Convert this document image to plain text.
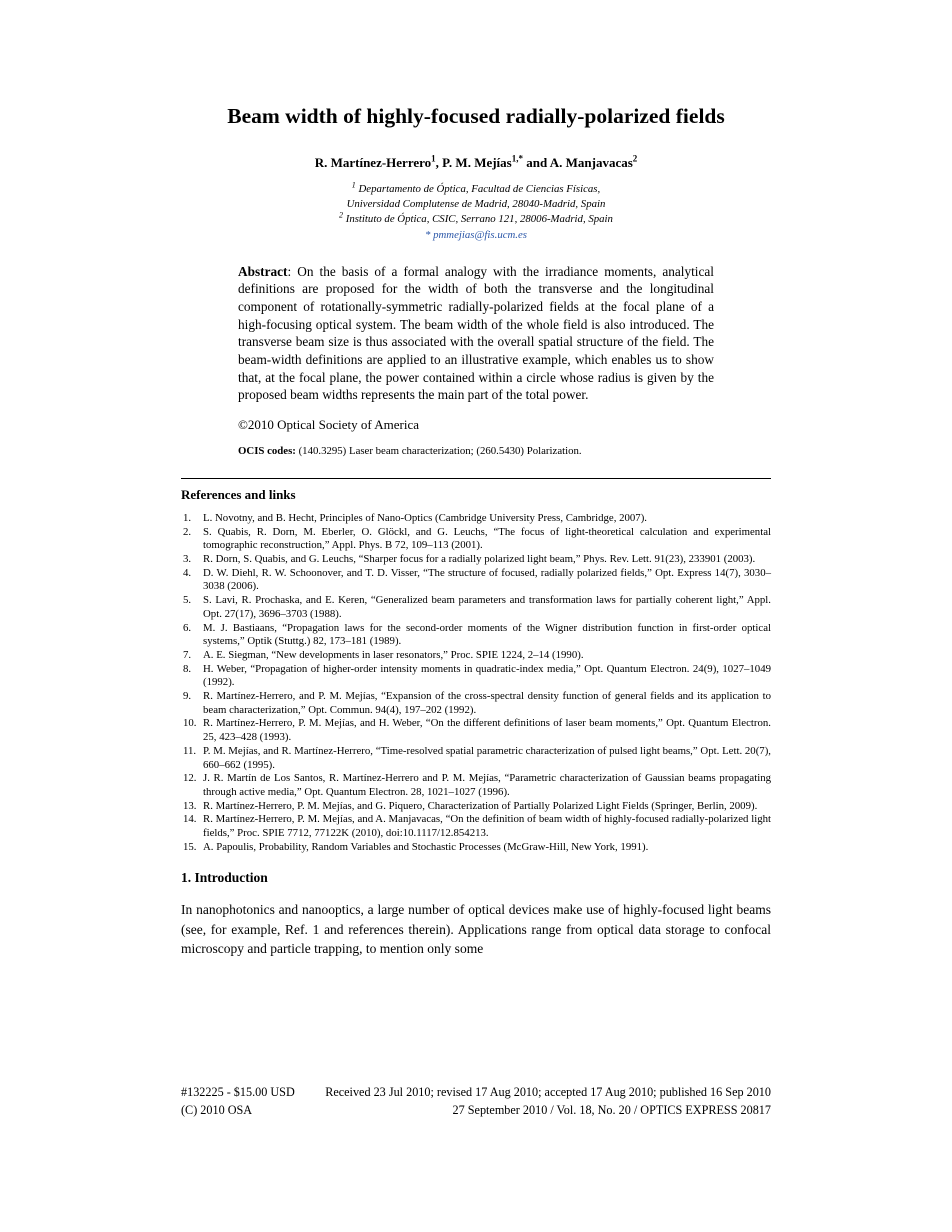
Beam width of highly-focused radially-polarized fields
R. Martínez-Herrero$^1$, P. M. Mejías$^{1,*}$ and A. Manjavacas$^2$
$^1$ Departamento de Óptica, Facultad de Ciencias Físicas,
Universidad Complutense de Madrid, 28040-Madrid, Spain
$^2$ Instituto de Óptica, CSIC, Serrano 121, 28006-Madrid, Spain
* pmmejias@fis.ucm.es

Abstract: On the basis of a formal analogy with the irradiance moments, analytical definitions are proposed for the width of both the transverse and the longitudinal component of rotationally-symmetric radially-polarized fields at the focal plane of a high-focusing optical system. The beam width of the whole field is also introduced. The transverse beam size is thus associated with the overall spatial structure of the field. The beam-width definitions are applied to an illustrative example, which enables us to show that, at the focal plane, the power contained within a circle whose radius is given by the proposed beam widths represents the main part of the total power.

©2010 Optical Society of America
OCIS codes: (140.3295) Laser beam characterization; (260.5430) Polarization.
References and links
1. L. Novotny, and B. Hecht, Principles of Nano-Optics (Cambridge University Press, Cambridge, 2007).
2. S. Quabis, R. Dorn, M. Eberler, O. Glöckl, and G. Leuchs, “The focus of light-theoretical calculation and experimental tomographic reconstruction,” Appl. Phys. B 72, 109–113 (2001).
3. R. Dorn, S. Quabis, and G. Leuchs, “Sharper focus for a radially polarized light beam,” Phys. Rev. Lett. 91(23), 233901 (2003).
4. D. W. Diehl, R. W. Schoonover, and T. D. Visser, “The structure of focused, radially polarized fields,” Opt. Express 14(7), 3030–3038 (2006).
5. S. Lavi, R. Prochaska, and E. Keren, “Generalized beam parameters and transformation laws for partially coherent light,” Appl. Opt. 27(17), 3696–3703 (1988).
6. M. J. Bastiaans, “Propagation laws for the second-order moments of the Wigner distribution function in first-order optical systems,” Optik (Stuttg.) 82, 173–181 (1989).
7. A. E. Siegman, “New developments in laser resonators,” Proc. SPIE 1224, 2–14 (1990).
8. H. Weber, “Propagation of higher-order intensity moments in quadratic-index media,” Opt. Quantum Electron. 24(9), 1027–1049 (1992).
9. R. Martínez-Herrero, and P. M. Mejías, “Expansion of the cross-spectral density function of general fields and its application to beam characterization,” Opt. Commun. 94(4), 197–202 (1992).
10. R. Martínez-Herrero, P. M. Mejías, and H. Weber, “On the different definitions of laser beam moments,” Opt. Quantum Electron. 25, 423–428 (1993).
11. P. M. Mejías, and R. Martínez-Herrero, “Time-resolved spatial parametric characterization of pulsed light beams,” Opt. Lett. 20(7), 660–662 (1995).
12. J. R. Martín de Los Santos, R. Martínez-Herrero and P. M. Mejías, “Parametric characterization of Gaussian beams propagating through active media,” Opt. Quantum Electron. 28, 1021–1027 (1996).
13. R. Martínez-Herrero, P. M. Mejías, and G. Piquero, Characterization of Partially Polarized Light Fields (Springer, Berlin, 2009).
14. R. Martínez-Herrero, P. M. Mejías, and A. Manjavacas, “On the definition of beam width of highly-focused radially-polarized light fields,” Proc. SPIE 7712, 77122K (2010), doi:10.1117/12.854213.
15. A. Papoulis, Probability, Random Variables and Stochastic Processes (McGraw-Hill, New York, 1991).
1. Introduction

In nanophotonics and nanooptics, a large number of optical devices make use of highly-focused light beams (see, for example, Ref. 1 and references therein). Applications range from optical data storage to confocal microscopy and particle trapping, to mention only some

#132225 - $15.00 USD Received 23 Jul 2010; revised 17 Aug 2010; accepted 17 Aug 2010; published 16 Sep 2010
(C) 2010 OSA	27 September 2010 / Vol. 18, No. 20 / OPTICS EXPRESS 20817
